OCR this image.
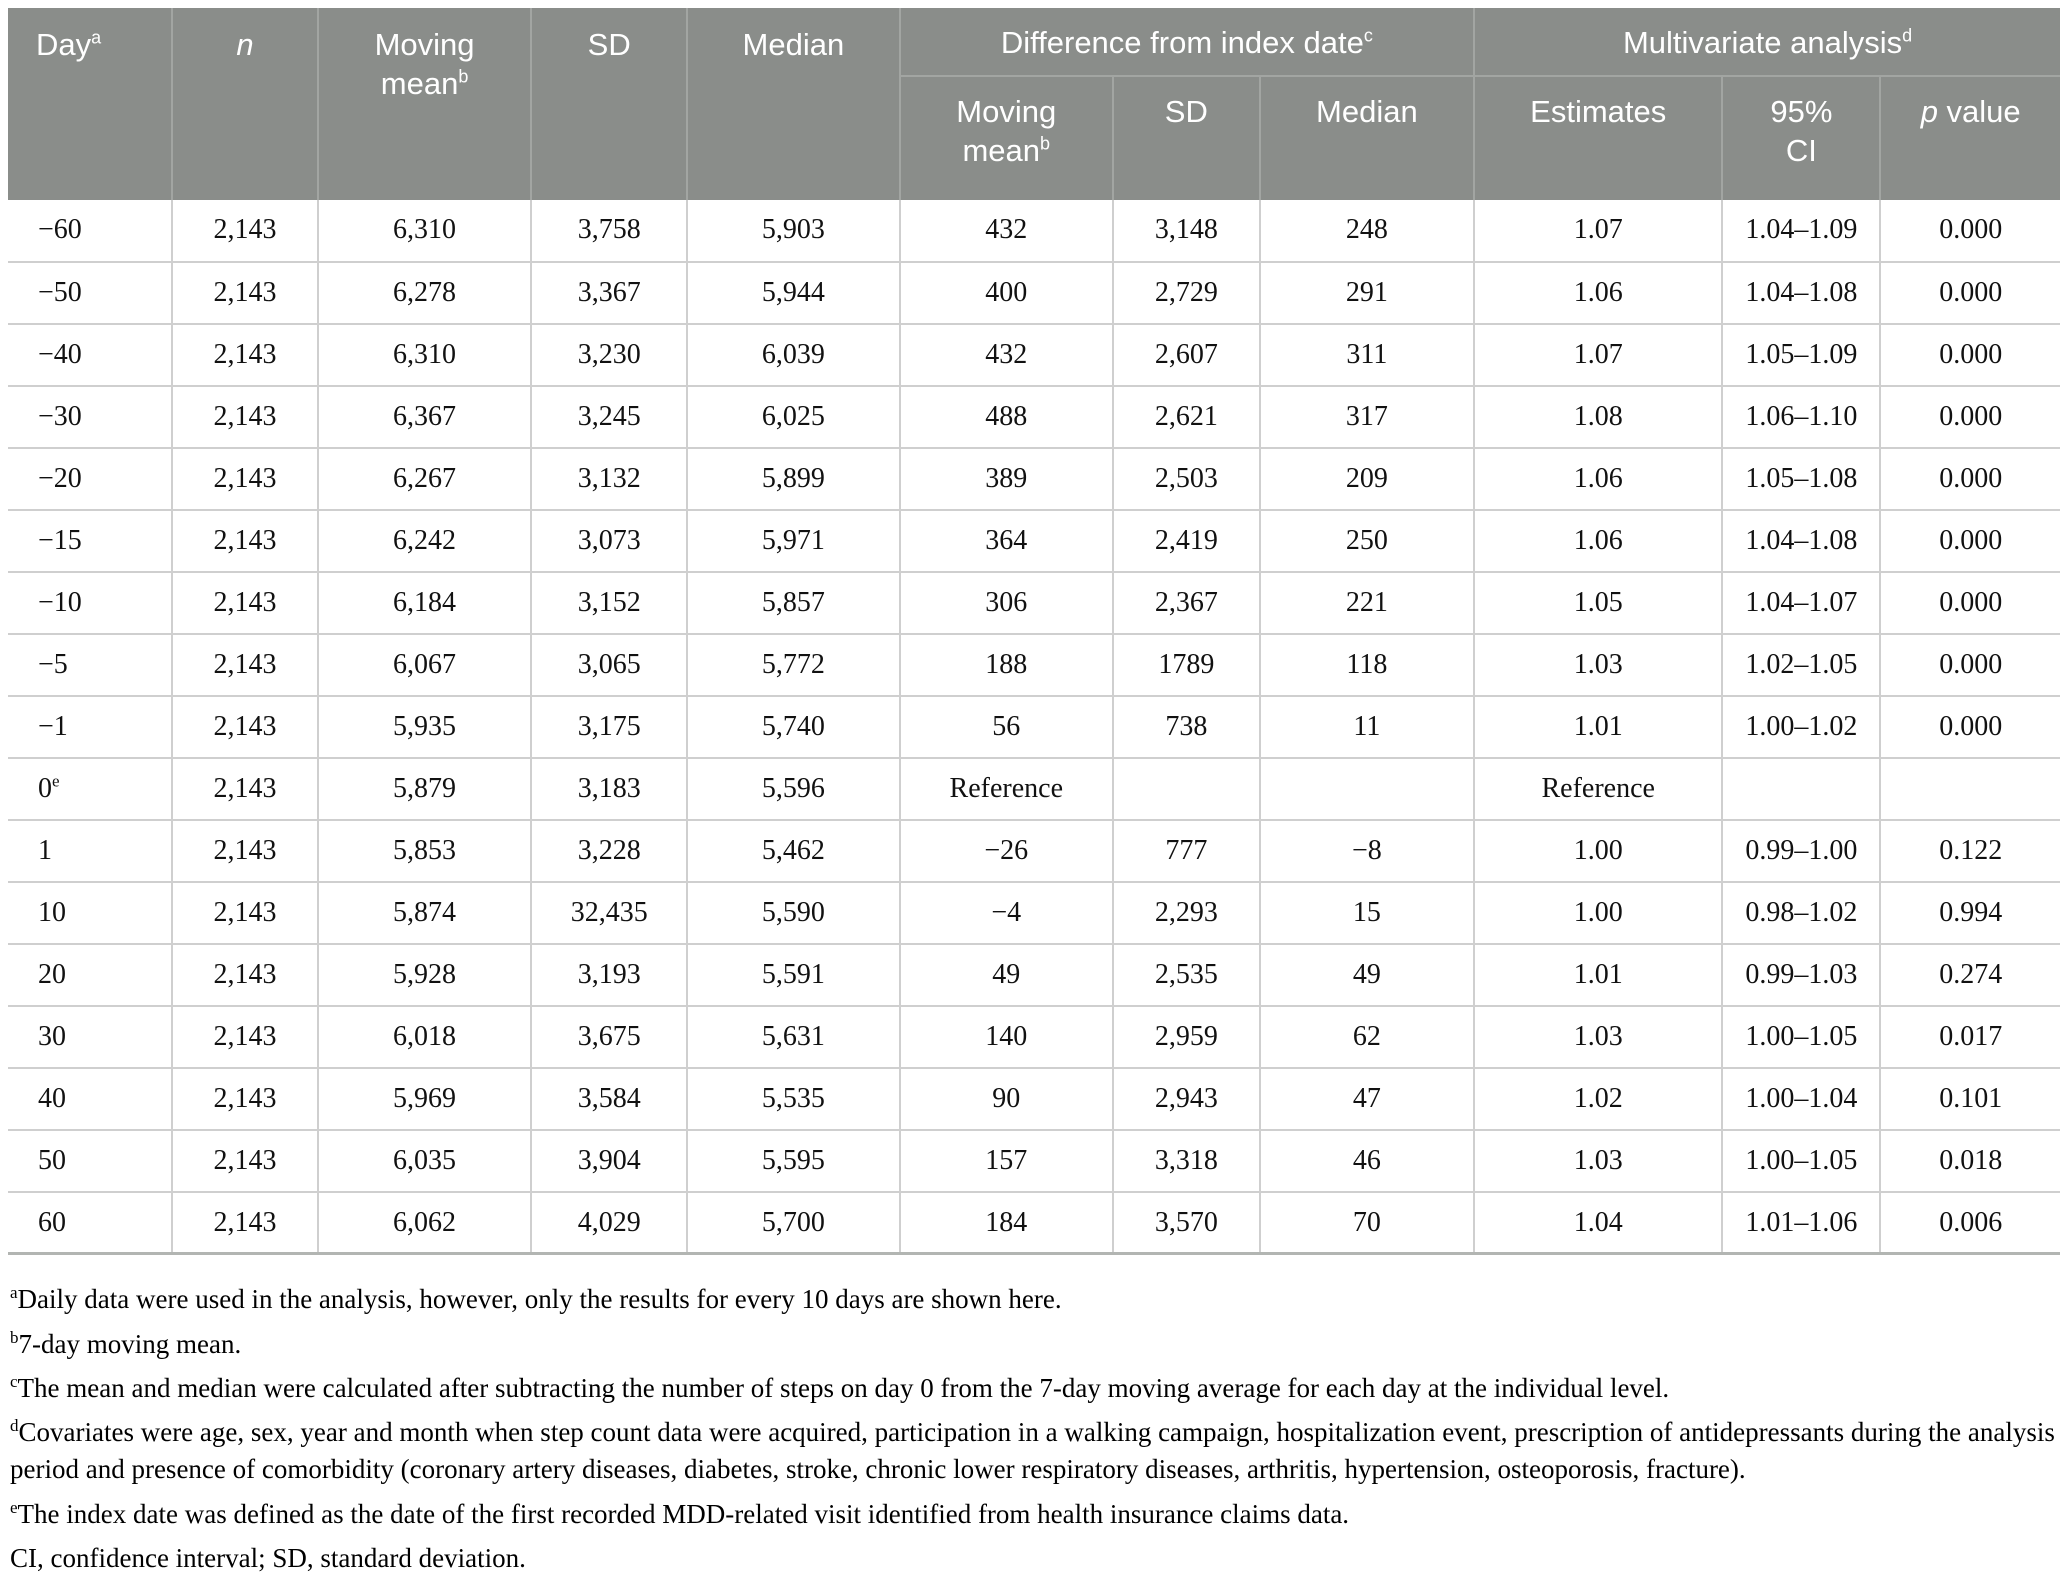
Day$^a$	n	Moving mean$^b$	SD	Median	Difference from index date$^c$			Multivariate analysis$^d$
					Moving mean$^b$	SD	Median	Estimates	95% CI	p value
−60	2,143	6,310	3,758	5,903	432	3,148	248	1.07	1.04–1.09	0.000
−50	2,143	6,278	3,367	5,944	400	2,729	291	1.06	1.04–1.08	0.000
−40	2,143	6,310	3,230	6,039	432	2,607	311	1.07	1.05–1.09	0.000
−30	2,143	6,367	3,245	6,025	488	2,621	317	1.08	1.06–1.10	0.000
−20	2,143	6,267	3,132	5,899	389	2,503	209	1.06	1.05–1.08	0.000
−15	2,143	6,242	3,073	5,971	364	2,419	250	1.06	1.04–1.08	0.000
−10	2,143	6,184	3,152	5,857	306	2,367	221	1.05	1.04–1.07	0.000
−5	2,143	6,067	3,065	5,772	188	1789	118	1.03	1.02–1.05	0.000
−1	2,143	5,935	3,175	5,740	56	738	11	1.01	1.00–1.02	0.000
0e	2,143	5,879	3,183	5,596	Reference			Reference		
1	2,143	5,853	3,228	5,462	−26	777	−8	1.00	0.99–1.00	0.122
10	2,143	5,874	32,435	5,590	−4	2,293	15	1.00	0.98–1.02	0.994
20	2,143	5,928	3,193	5,591	49	2,535	49	1.01	0.99–1.03	0.274
30	2,143	6,018	3,675	5,631	140	2,959	62	1.03	1.00–1.05	0.017
40	2,143	5,969	3,584	5,535	90	2,943	47	1.02	1.00–1.04	0.101
50	2,143	6,035	3,904	5,595	157	3,318	46	1.03	1.00–1.05	0.018
60	2,143	6,062	4,029	5,700	184	3,570	70	1.04	1.01–1.06	0.006

$^a$Daily data were used in the analysis, however, only the results for every 10 days are shown here.

$^b$7-day moving mean.

$^c$The mean and median were calculated after subtracting the number of steps on day 0 from the 7-day moving average for each day at the individual level.

$^d$Covariates were age, sex, year and month when step count data were acquired, participation in a walking campaign, hospitalization event, prescription of antidepressants during the analysis period and presence of comorbidity (coronary artery diseases, diabetes, stroke, chronic lower respiratory diseases, arthritis, hypertension, osteoporosis, fracture).

$^e$The index date was defined as the date of the first recorded MDD-related visit identified from health insurance claims data.

CI, confidence interval; SD, standard deviation.
